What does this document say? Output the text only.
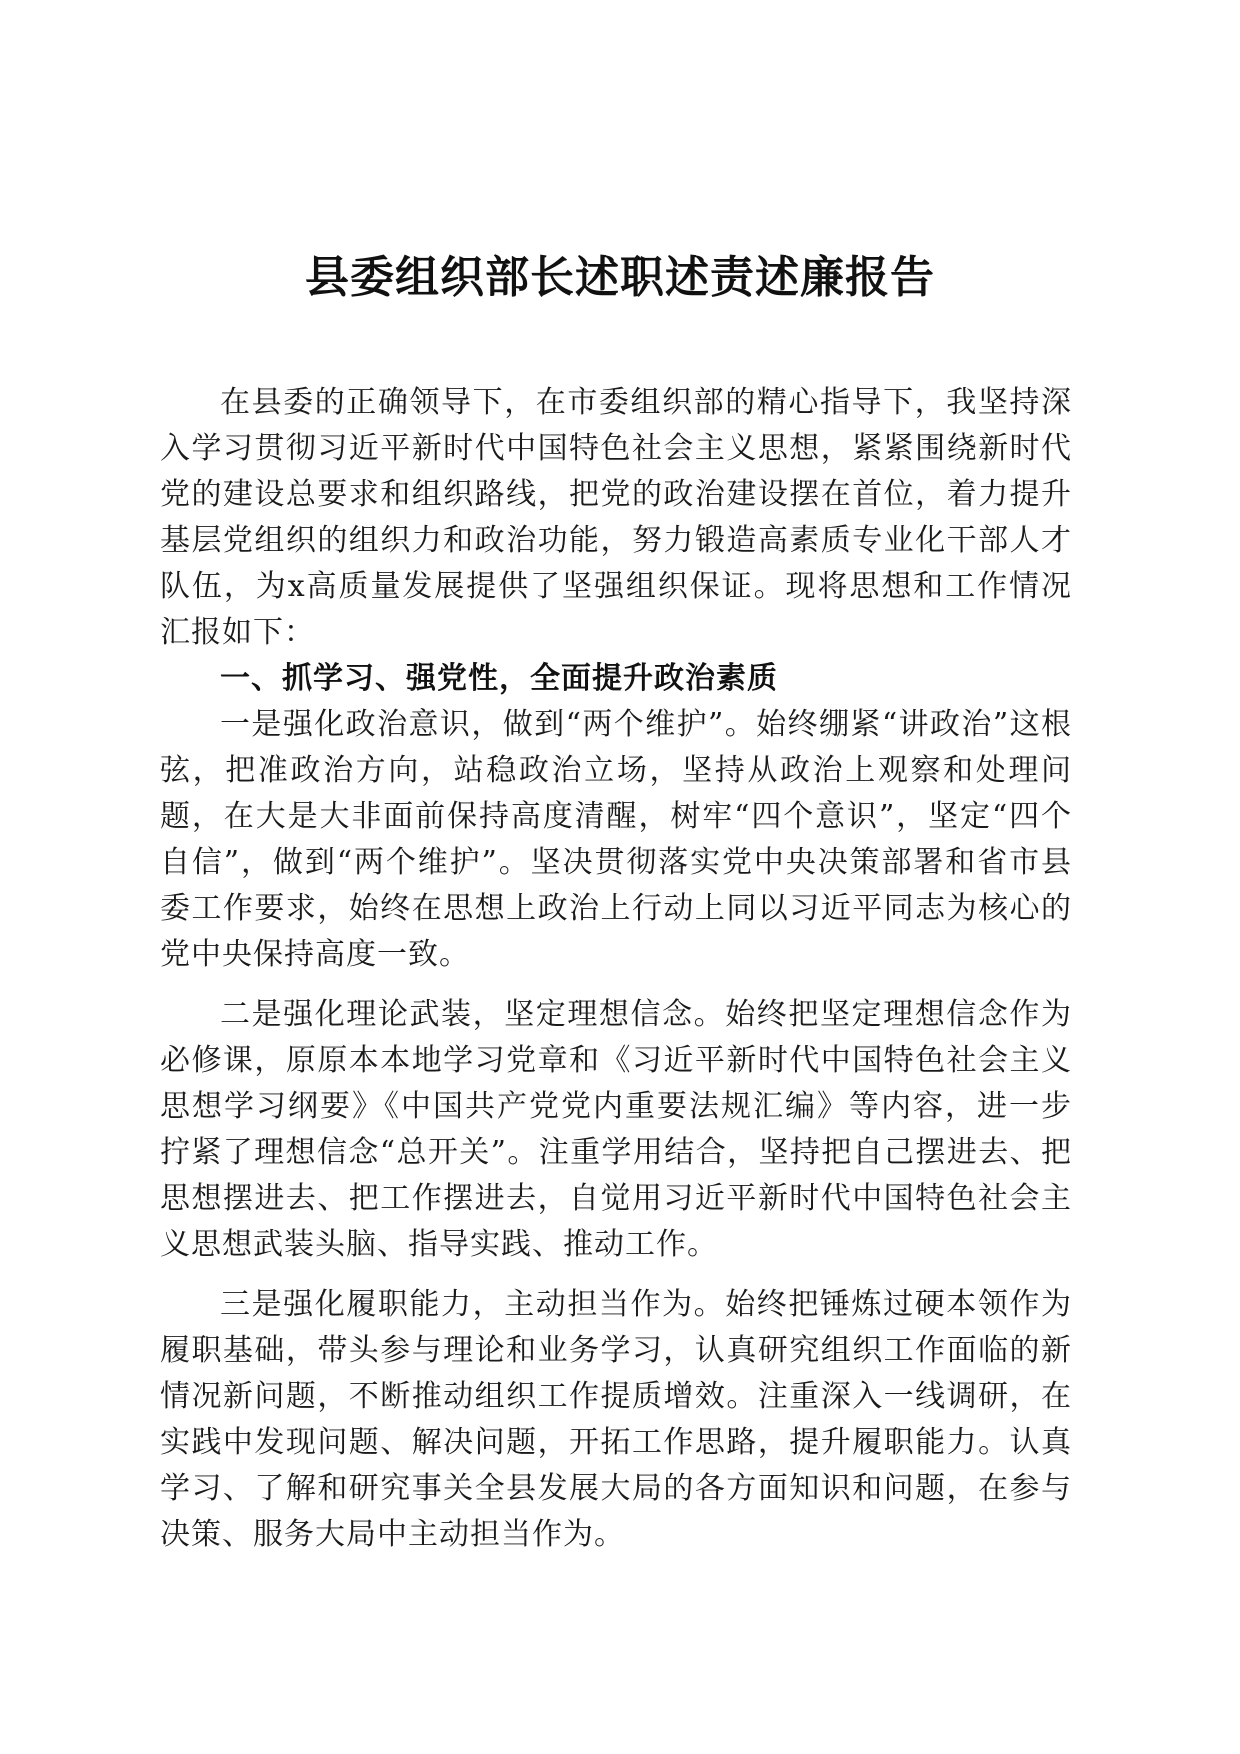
县委组织部长述职述责述廉报告

在县委的正确领导下，在市委组织部的精心指导下，我坚持深入学习贯彻习近平新时代中国特色社会主义思想，紧紧围绕新时代党的建设总要求和组织路线，把党的政治建设摆在首位，着力提升基层党组织的组织力和政治功能，努力锻造高素质专业化干部人才队伍，为x高质量发展提供了坚强组织保证。现将思想和工作情况汇报如下：

一、抓学习、强党性，全面提升政治素质

一是强化政治意识，做到“两个维护”。始终绷紧“讲政治”这根弦，把准政治方向，站稳政治立场，坚持从政治上观察和处理问题，在大是大非面前保持高度清醒，树牢“四个意识”，坚定“四个自信”，做到“两个维护”。坚决贯彻落实党中央决策部署和省市县委工作要求，始终在思想上政治上行动上同以习近平同志为核心的党中央保持高度一致。

二是强化理论武装，坚定理想信念。始终把坚定理想信念作为必修课，原原本本地学习党章和《习近平新时代中国特色社会主义思想学习纲要》《中国共产党党内重要法规汇编》等内容，进一步拧紧了理想信念“总开关”。注重学用结合，坚持把自己摆进去、把思想摆进去、把工作摆进去，自觉用习近平新时代中国特色社会主义思想武装头脑、指导实践、推动工作。

三是强化履职能力，主动担当作为。始终把锤炼过硬本领作为履职基础，带头参与理论和业务学习，认真研究组织工作面临的新情况新问题，不断推动组织工作提质增效。注重深入一线调研，在实践中发现问题、解决问题，开拓工作思路，提升履职能力。认真学习、了解和研究事关全县发展大局的各方面知识和问题，在参与决策、服务大局中主动担当作为。
